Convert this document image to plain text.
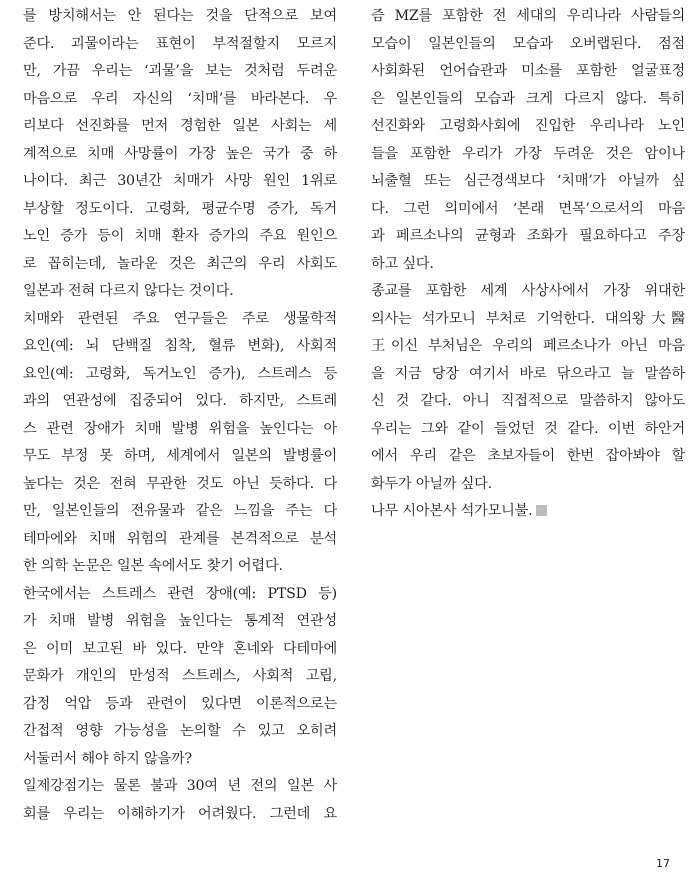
를 방치해서는 안 된다는 것을 단적으로 보여
준다. 괴물이라는 표현이 부적절할지 모르지
만, 가끔 우리는 ‘괴물’을 보는 것처럼 두려운
마음으로 우리 자신의 ‘치매’를 바라본다. 우
리보다 선진화를 먼저 경험한 일본 사회는 세
계적으로 치매 사망률이 가장 높은 국가 중 하
나이다. 최근 30년간 치매가 사망 원인 1위로
부상할 정도이다. 고령화, 평균수명 증가, 독거
노인 증가 등이 치매 환자 증가의 주요 원인으
로 꼽히는데, 놀라운 것은 최근의 우리 사회도
일본과 전혀 다르지 않다는 것이다.
치매와 관련된 주요 연구들은 주로 생물학적
요인(예: 뇌 단백질 침착, 혈류 변화), 사회적
요인(예: 고령화, 독거노인 증가), 스트레스 등
과의 연관성에 집중되어 있다. 하지만, 스트레
스 관련 장애가 치매 발병 위험을 높인다는 아
무도 부정 못 하며, 세계에서 일본의 발병률이
높다는 것은 전혀 무관한 것도 아닌 듯하다. 다
만, 일본인들의 전유물과 같은 느낌을 주는 다
테마에와 치매 위험의 관계를 본격적으로 분석
한 의학 논문은 일본 속에서도 찾기 어렵다.
한국에서는 스트레스 관련 장애(예: PTSD 등)
가 치매 발병 위험을 높인다는 통계적 연관성
은 이미 보고된 바 있다. 만약 혼네와 다테마에
문화가 개인의 만성적 스트레스, 사회적 고립,
감정 억압 등과 관련이 있다면 이론적으로는
간접적 영향 가능성을 논의할 수 있고 오히려
서둘러서 해야 하지 않을까?
일제강점기는 물론 불과 30여 년 전의 일본 사
회를 우리는 이해하기가 어려웠다. 그런데 요
즘 MZ를 포함한 전 세대의 우리나라 사람들의
모습이 일본인들의 모습과 오버랩된다. 점점
사회화된 언어습관과 미소를 포함한 얼굴표정
은 일본인들의 모습과 크게 다르지 않다. 특히
선진화와 고령화사회에 진입한 우리나라 노인
들을 포함한 우리가 가장 두려운 것은 암이나
뇌출혈 또는 심근경색보다 ‘치매’가 아닐까 싶
다. 그런 의미에서 ‘본래 면목’으로서의 마음
과 페르소나의 균형과 조화가 필요하다고 주장
하고 싶다.
종교를 포함한 세계 사상사에서 가장 위대한
의사는 석가모니 부처로 기억한다. 대의왕大醫
王이신 부처님은 우리의 페르소나가 아닌 마음
을 지금 당장 여기서 바로 닦으라고 늘 말씀하
신 것 같다. 아니 직접적으로 말씀하지 않아도
우리는 그와 같이 들었던 것 같다. 이번 하안거
에서 우리 같은 초보자들이 한번 잡아봐야 할
화두가 아닐까 싶다.
나무 시아본사 석가모니불.
17
